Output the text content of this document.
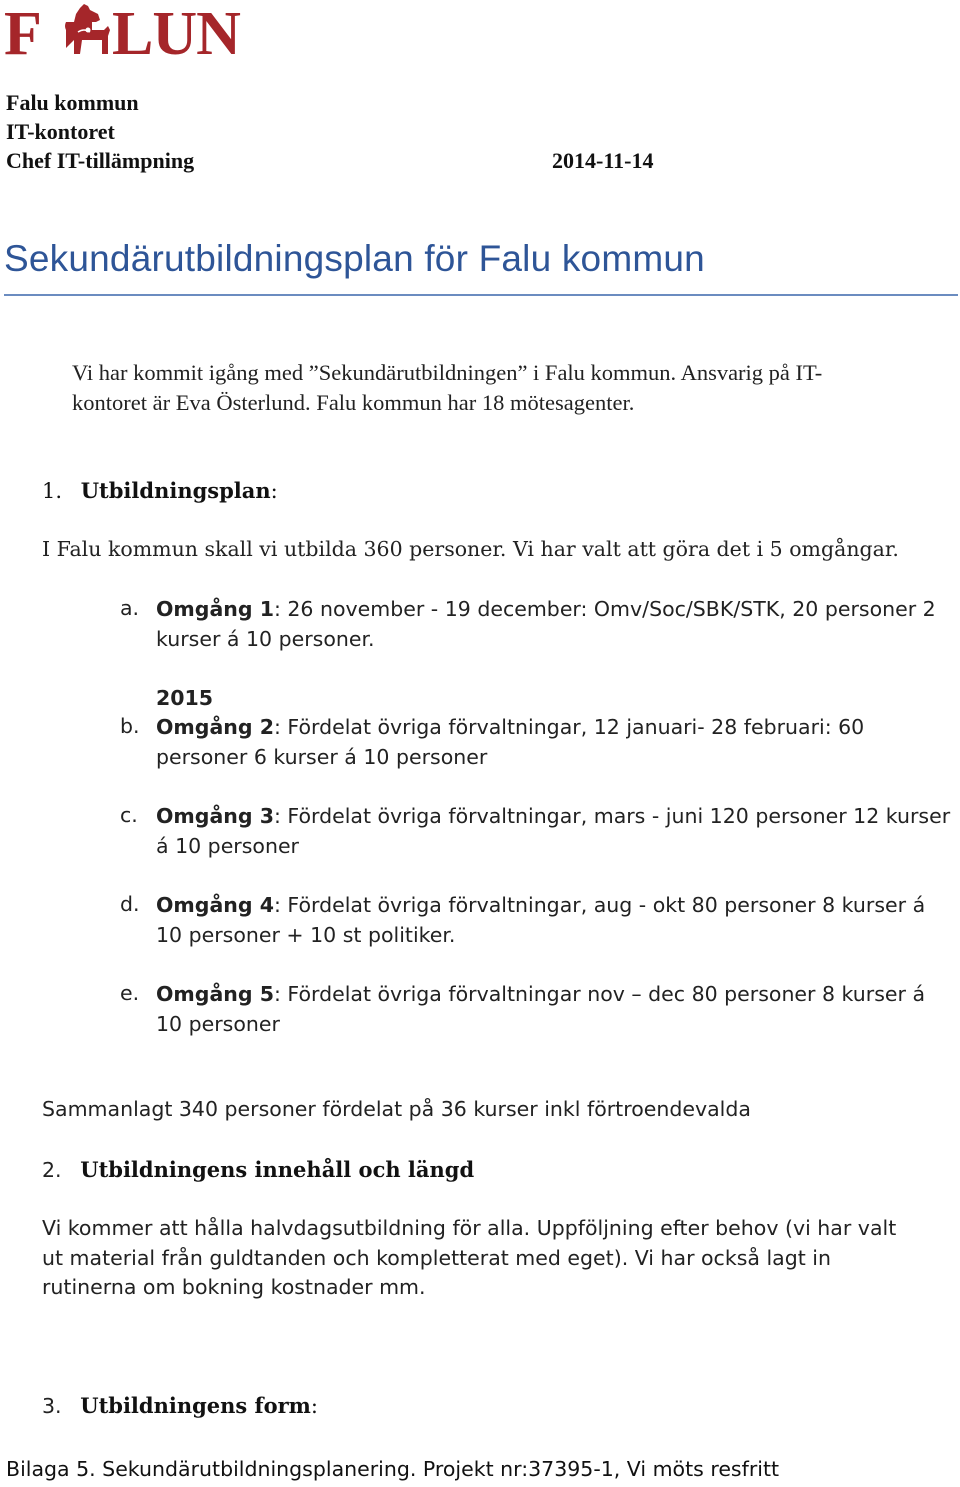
F LUN
Falu kommun
IT-kontoret
Chef IT-tillämpning	2014-11-14
Sekundärutbildningsplan för Falu kommun
Vi har kommit igång med ”Sekundärutbildningen” i Falu kommun. Ansvarig på IT-
kontoret är Eva Österlund. Falu kommun har 18 mötesagenter.
1. Utbildningsplan:
I Falu kommun skall vi utbilda 360 personer. Vi har valt att göra det i 5 omgångar.
a. Omgång 1: 26 november - 19 december: Omv/Soc/SBK/STK, 20 personer 2 kurser á 10 personer.
2015
b. Omgång 2: Fördelat övriga förvaltningar, 12 januari- 28 februari: 60 personer 6 kurser á 10 personer
c. Omgång 3: Fördelat övriga förvaltningar, mars - juni 120 personer 12 kurser á 10 personer
d. Omgång 4: Fördelat övriga förvaltningar, aug - okt 80 personer 8 kurser á 10 personer + 10 st politiker.
e. Omgång 5: Fördelat övriga förvaltningar nov – dec 80 personer 8 kurser á 10 personer
Sammanlagt 340 personer fördelat på 36 kurser inkl förtroendevalda
2. Utbildningens innehåll och längd
Vi kommer att hålla halvdagsutbildning för alla. Uppföljning efter behov (vi har valt
ut material från guldtanden och kompletterat med eget). Vi har också lagt in
rutinerna om bokning kostnader mm.
3. Utbildningens form:
Bilaga 5. Sekundärutbildningsplanering. Projekt nr:37395-1, Vi möts resfritt
